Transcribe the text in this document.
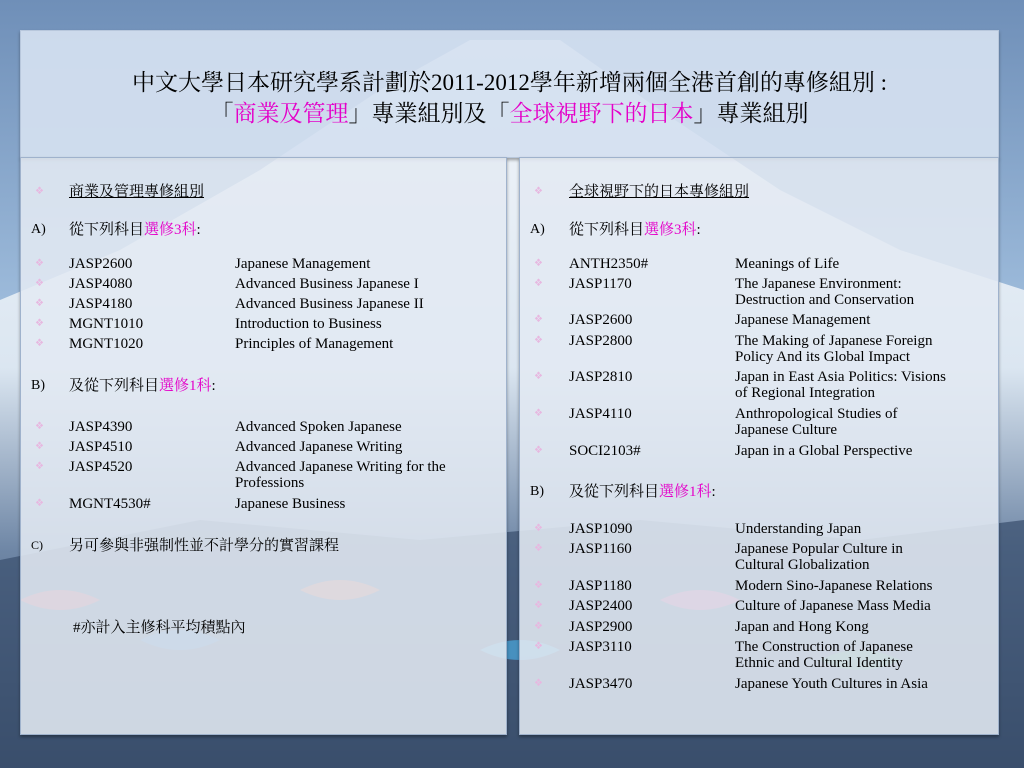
中文大學日本研究學系計劃於2011-2012學年新增兩個全港首創的專修組別 :
「商業及管理」專業組別及「全球視野下的日本」專業組別
❖ 商業及管理專修組別
A) 從下列科目選修3科:
❖ JASP2600	Japanese Management
❖ JASP4080	Advanced Business Japanese I
❖ JASP4180	Advanced Business Japanese II
❖ MGNT1010	Introduction to Business
❖ MGNT1020	Principles of Management
B) 及從下列科目選修1科:
❖ JASP4390	Advanced Spoken Japanese
❖ JASP4510	Advanced Japanese Writing
❖ JASP4520	Advanced Japanese Writing for the
Professions
❖ MGNT4530#	Japanese Business
C) 另可參與非强制性並不計學分的實習課程
#亦計入主修科平均積點內
❖ 全球視野下的日本專修組別
A) 從下列科目選修3科:
❖ ANTH2350#	Meanings of Life
❖ JASP1170	The Japanese Environment:
Destruction and Conservation
❖ JASP2600	Japanese Management
❖ JASP2800	The Making of Japanese Foreign
Policy And its Global Impact
❖ JASP2810	Japan in East Asia Politics: Visions
of Regional Integration
❖ JASP4110	Anthropological Studies of
Japanese Culture
❖ SOCI2103#	Japan in a Global Perspective
B) 及從下列科目選修1科:
❖ JASP1090	Understanding Japan
❖ JASP1160	Japanese Popular Culture in
Cultural Globalization
❖ JASP1180	Modern Sino-Japanese Relations
❖ JASP2400	Culture of Japanese Mass Media
❖ JASP2900	Japan and Hong Kong
❖ JASP3110	The Construction of Japanese
Ethnic and Cultural Identity
❖ JASP3470	Japanese Youth Cultures in Asia
